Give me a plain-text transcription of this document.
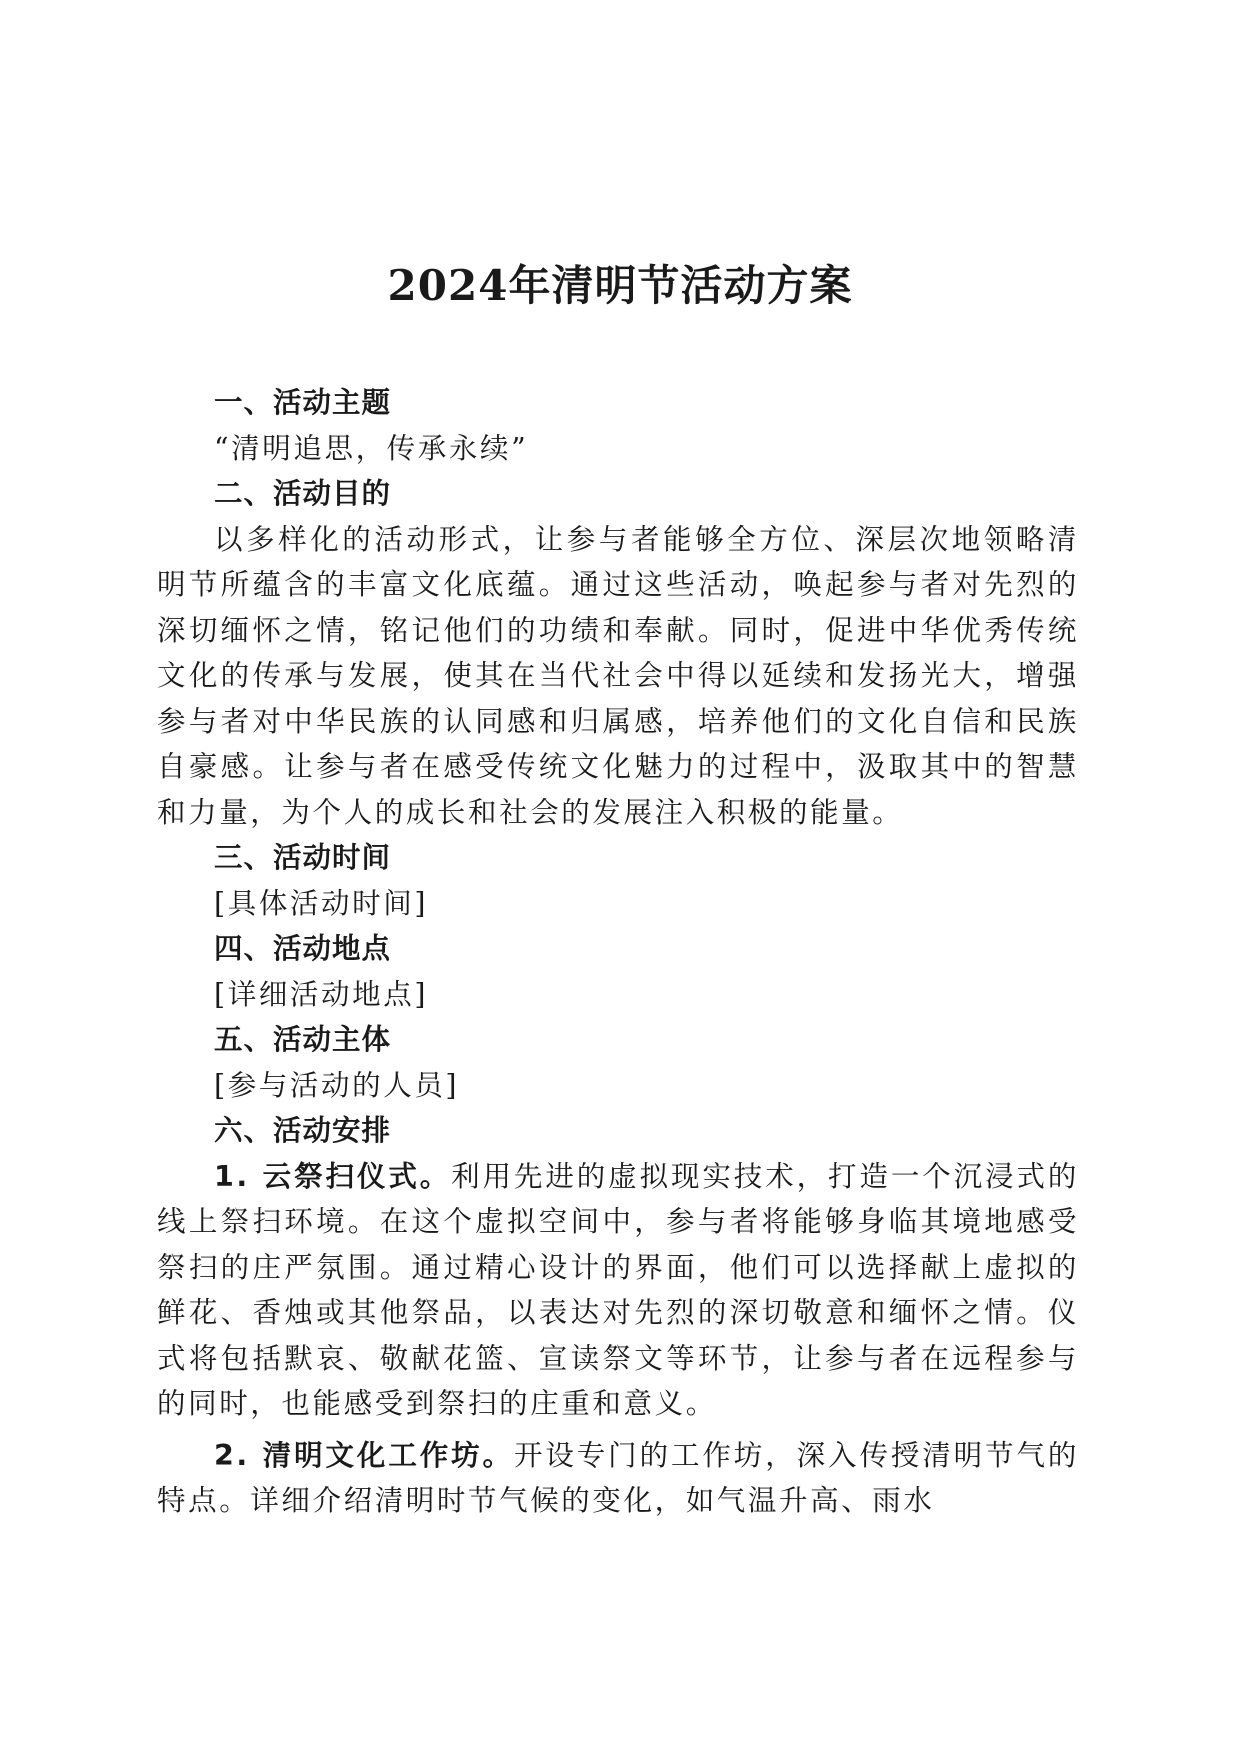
2024年清明节活动方案

一、活动主题

“清明追思，传承永续”

二、活动目的

以多样化的活动形式，让参与者能够全方位、深层次地领略清明节所蕴含的丰富文化底蕴。通过这些活动，唤起参与者对先烈的深切缅怀之情，铭记他们的功绩和奉献。同时，促进中华优秀传统文化的传承与发展，使其在当代社会中得以延续和发扬光大，增强参与者对中华民族的认同感和归属感，培养他们的文化自信和民族自豪感。让参与者在感受传统文化魅力的过程中，汲取其中的智慧和力量，为个人的成长和社会的发展注入积极的能量。

三、活动时间

[具体活动时间]

四、活动地点

[详细活动地点]

五、活动主体

[参与活动的人员]

六、活动安排

1. 云祭扫仪式。利用先进的虚拟现实技术，打造一个沉浸式的线上祭扫环境。在这个虚拟空间中，参与者将能够身临其境地感受祭扫的庄严氛围。通过精心设计的界面，他们可以选择献上虚拟的鲜花、香烛或其他祭品，以表达对先烈的深切敬意和缅怀之情。仪式将包括默哀、敬献花篮、宣读祭文等环节，让参与者在远程参与的同时，也能感受到祭扫的庄重和意义。

2. 清明文化工作坊。开设专门的工作坊，深入传授清明节气的特点。详细介绍清明时节气候的变化，如气温升高、雨水
